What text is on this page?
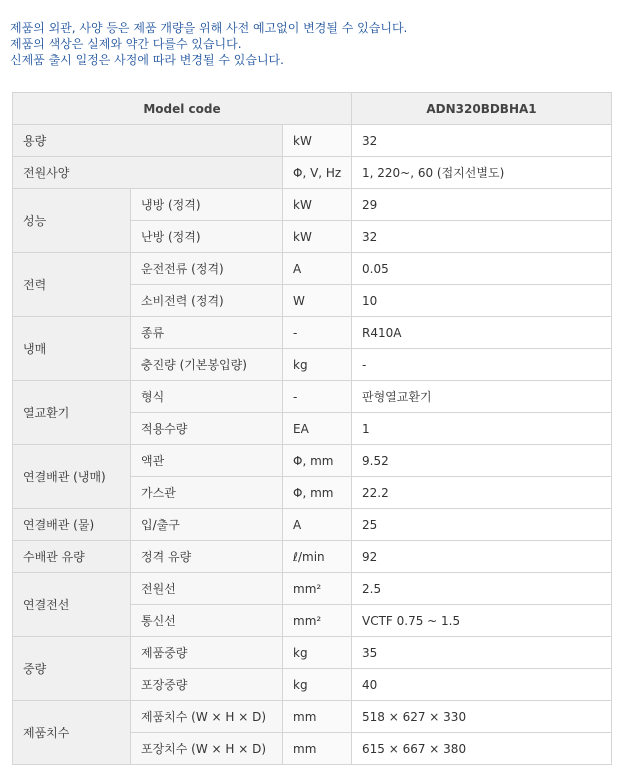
제품의 외관, 사양 등은 제품 개량을 위해 사전 예고없이 변경될 수 있습니다.
제품의 색상은 실제와 약간 다를수 있습니다.
신제품 출시 일정은 사정에 따라 변경될 수 있습니다.
Model code			ADN320BDBHA1
용량		kW	32
전원사양		Φ, V, Hz	1, 220~, 60 (접지선별도)
성능	냉방 (정격)	kW	29
	난방 (정격)	kW	32
전력	운전전류 (정격)	A	0.05
	소비전력 (정격)	W	10
냉매	종류	-	R410A
	충진량 (기본봉입량)	kg	-
열교환기	형식	-	판형열교환기
	적용수량	EA	1
연결배관 (냉매)	액관	Φ, mm	9.52
	가스관	Φ, mm	22.2
연결배관 (물)	입/출구	A	25
수배관 유량	정격 유량	ℓ/min	92
연결전선	전원선	mm²	2.5
	통신선	mm²	VCTF 0.75 ~ 1.5
중량	제품중량	kg	35
	포장중량	kg	40
제품치수	제품치수 (W × H × D)	mm	518 × 627 × 330
	포장치수 (W × H × D)	mm	615 × 667 × 380
